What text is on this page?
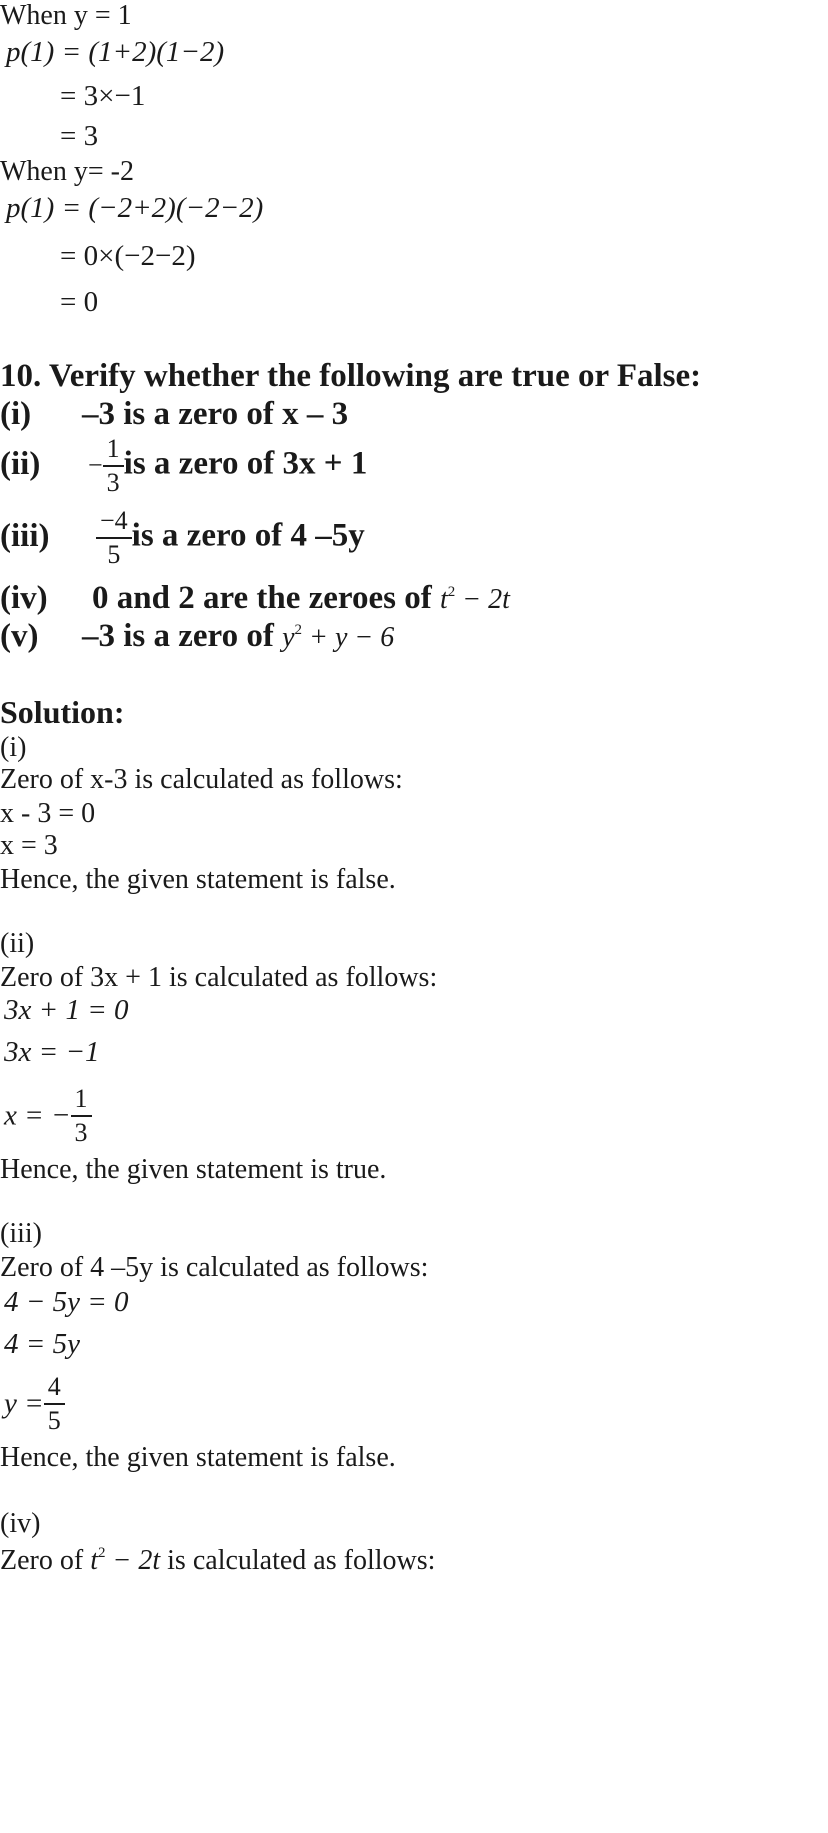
When y = 1
p(1) = (1+2)(1−2)
= 3×−1
= 3
When y= -2
p(1) = (−2+2)(−2−2)
= 0×(−2−2)
= 0
10. Verify whether the following are true or False:
(i) –3 is a zero of x – 3
$(ii) - \frac{1}{3}$ is a zero of 3x + 1
$(iii) \frac{-4}{5}$ is a zero of 4 –5y
(iv) 0 and 2 are the zeroes of $t^2 - 2t$
(v) –3 is a zero of $y^2 + y - 6$
Solution:
(i)
Zero of x-3 is calculated as follows:
x - 3 = 0
x = 3
Hence, the given statement is false.
(ii)
Zero of 3x + 1 is calculated as follows:
3x + 1 = 0
3x = −1
x = − $\frac{1}{3}$
Hence, the given statement is true.
(iii)
Zero of 4 –5y is calculated as follows:
4 − 5y = 0
4 = 5y
$y = \frac{4}{5}$
Hence, the given statement is false.
(iv)
Zero of $t^2 - 2t$ is calculated as follows:
